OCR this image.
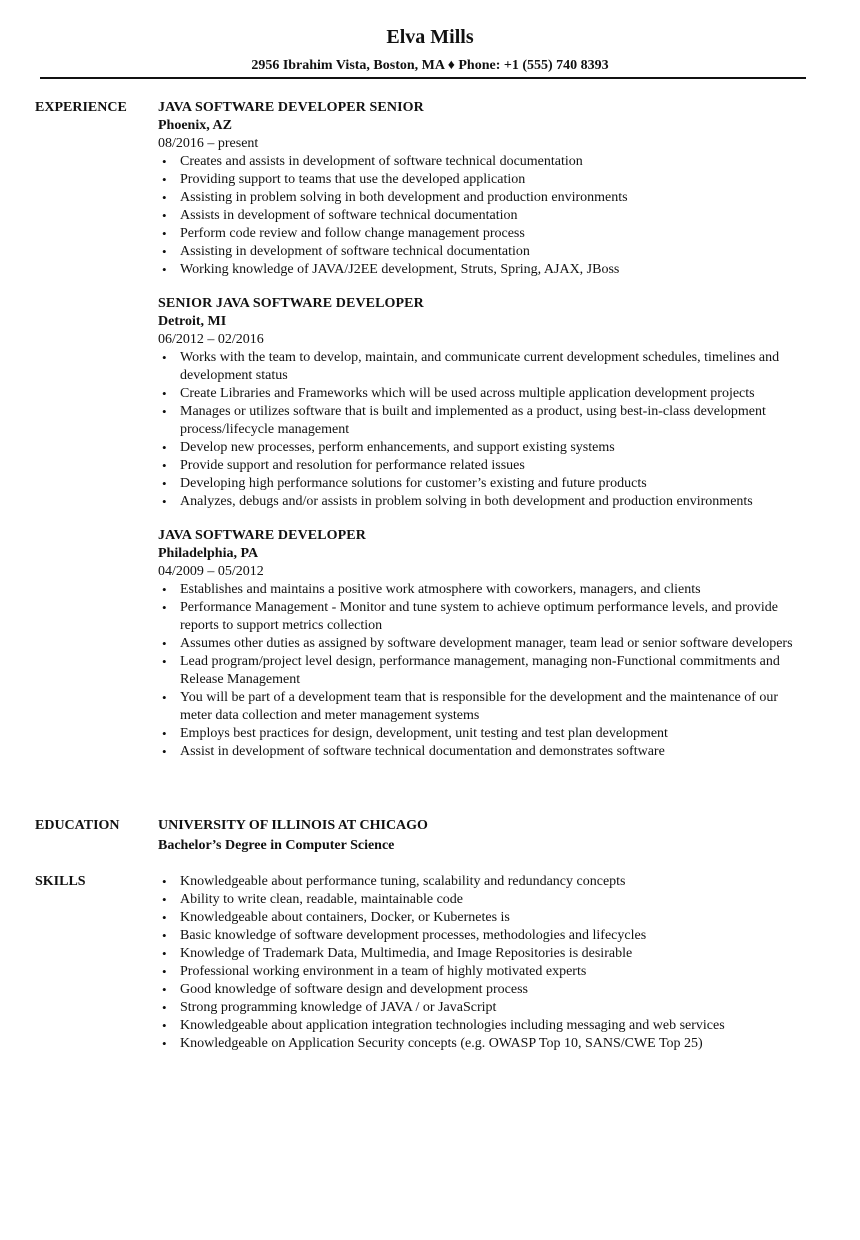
Elva Mills
2956 Ibrahim Vista, Boston, MA ♦ Phone: +1 (555) 740 8393
EXPERIENCE JAVA SOFTWARE DEVELOPER SENIOR
Phoenix, AZ
08/2016 – present
• Creates and assists in development of software technical documentation
• Providing support to teams that use the developed application
• Assisting in problem solving in both development and production environments
• Assists in development of software technical documentation
• Perform code review and follow change management process
• Assisting in development of software technical documentation
• Working knowledge of JAVA/J2EE development, Struts, Spring, AJAX, JBoss
SENIOR JAVA SOFTWARE DEVELOPER
Detroit, MI
06/2012 – 02/2016
• Works with the team to develop, maintain, and communicate current development schedules, timelines and development status
• Create Libraries and Frameworks which will be used across multiple application development projects
• Manages or utilizes software that is built and implemented as a product, using best-in-class development process/lifecycle management
• Develop new processes, perform enhancements, and support existing systems
• Provide support and resolution for performance related issues
• Developing high performance solutions for customer’s existing and future products
• Analyzes, debugs and/or assists in problem solving in both development and production environments
JAVA SOFTWARE DEVELOPER
Philadelphia, PA
04/2009 – 05/2012
• Establishes and maintains a positive work atmosphere with coworkers, managers, and clients
• Performance Management - Monitor and tune system to achieve optimum performance levels, and provide reports to support metrics collection
• Assumes other duties as assigned by software development manager, team lead or senior software developers
• Lead program/project level design, performance management, managing non-Functional commitments and Release Management
• You will be part of a development team that is responsible for the development and the maintenance of our meter data collection and meter management systems
• Employs best practices for design, development, unit testing and test plan development
• Assist in development of software technical documentation and demonstrates software
EDUCATION	UNIVERSITY OF ILLINOIS AT CHICAGO
Bachelor’s Degree in Computer Science
SKILLS	• Knowledgeable about performance tuning, scalability and redundancy concepts
• Ability to write clean, readable, maintainable code
• Knowledgeable about containers, Docker, or Kubernetes is
• Basic knowledge of software development processes, methodologies and lifecycles
• Knowledge of Trademark Data, Multimedia, and Image Repositories is desirable
• Professional working environment in a team of highly motivated experts
• Good knowledge of software design and development process
• Strong programming knowledge of JAVA / or JavaScript
• Knowledgeable about application integration technologies including messaging and web services
• Knowledgeable on Application Security concepts (e.g. OWASP Top 10, SANS/CWE Top 25)
